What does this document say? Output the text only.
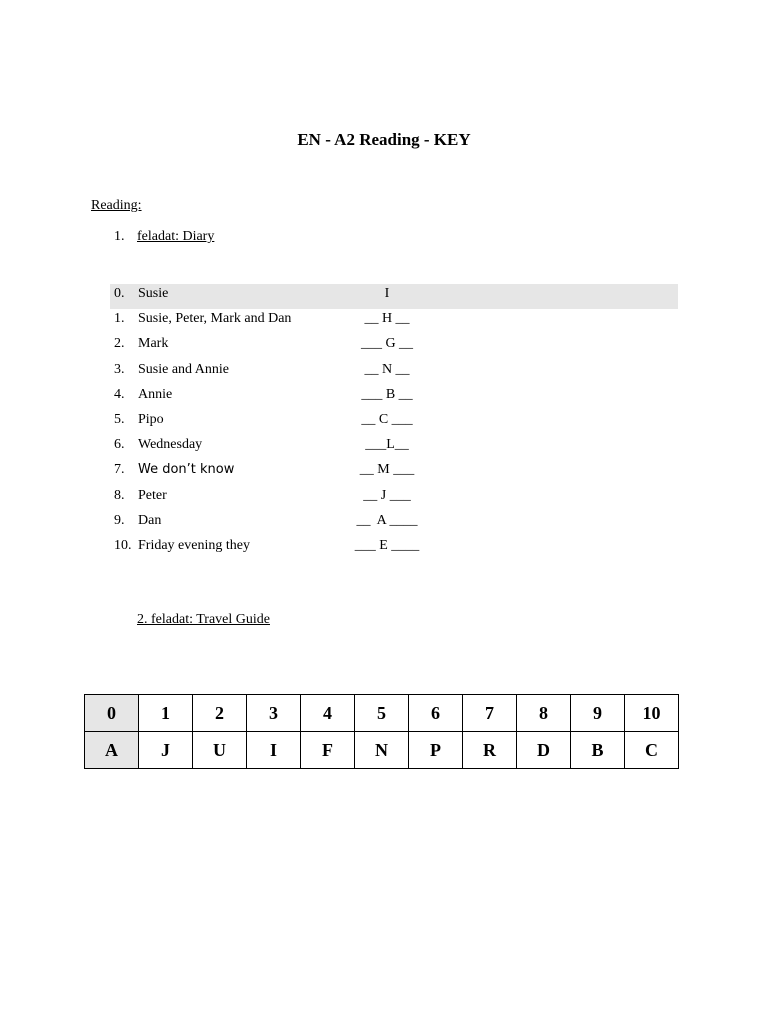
EN - A2 Reading - KEY
Reading:
1. feladat: Diary
0. Susie	I
1. Susie, Peter, Mark and Dan	__ H __
2. Mark	___ G __
3. Susie and Annie	__ N __
4. Annie	___ B __
5. Pipo	__ C ___
6. Wednesday	___L__
7. We don’t know	__ M ___
8. Peter	__ J ___
9. Dan	__  A ____
10. Friday evening they	___ E ____
2. feladat: Travel Guide
0	1	2	3	4	5	6	7	8	9	10
A	J	U	I	F	N	P	R	D	B	C
